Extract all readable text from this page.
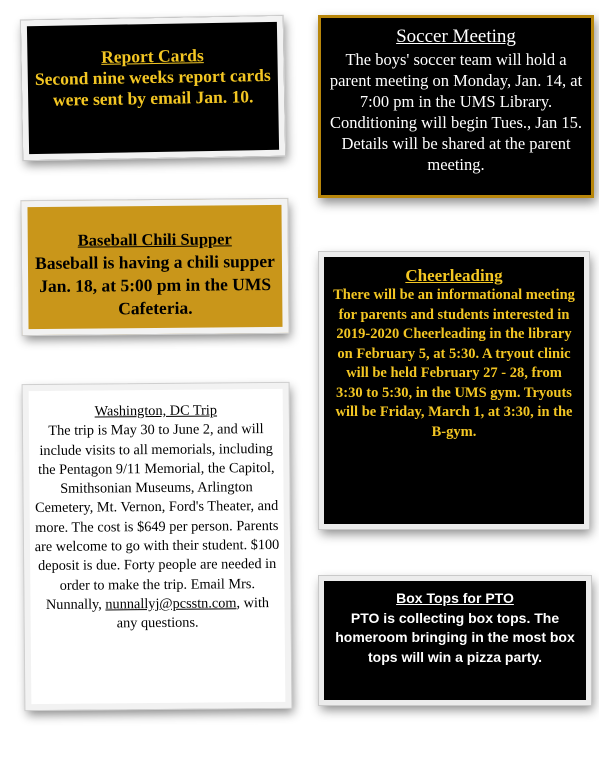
Report Cards
Second nine weeks report cards were sent by email Jan. 10.
Soccer Meeting
The boys' soccer team will hold a parent meeting on Monday, Jan. 14, at 7:00 pm in the UMS Library. Conditioning will begin Tues., Jan 15. Details will be shared at the parent meeting.
Baseball Chili Supper
Baseball is having a chili supper Jan. 18, at 5:00 pm in the UMS Cafeteria.
Cheerleading
There will be an informational meeting for parents and students interested in 2019-2020 Cheerleading in the library on February 5, at 5:30. A tryout clinic will be held February 27 - 28, from 3:30 to 5:30, in the UMS gym. Tryouts will be Friday, March 1, at 3:30, in the B-gym.
Washington, DC Trip
The trip is May 30 to June 2, and will include visits to all memorials, including the Pentagon 9/11 Memorial, the Capitol, Smithsonian Museums, Arlington Cemetery, Mt. Vernon, Ford's Theater, and more. The cost is $649 per person. Parents are welcome to go with their student. $100 deposit is due. Forty people are needed in order to make the trip. Email Mrs. Nunnally, nunnallyj@pcsstn.com, with any questions.
Box Tops for PTO
PTO is collecting box tops. The homeroom bringing in the most box tops will win a pizza party.
